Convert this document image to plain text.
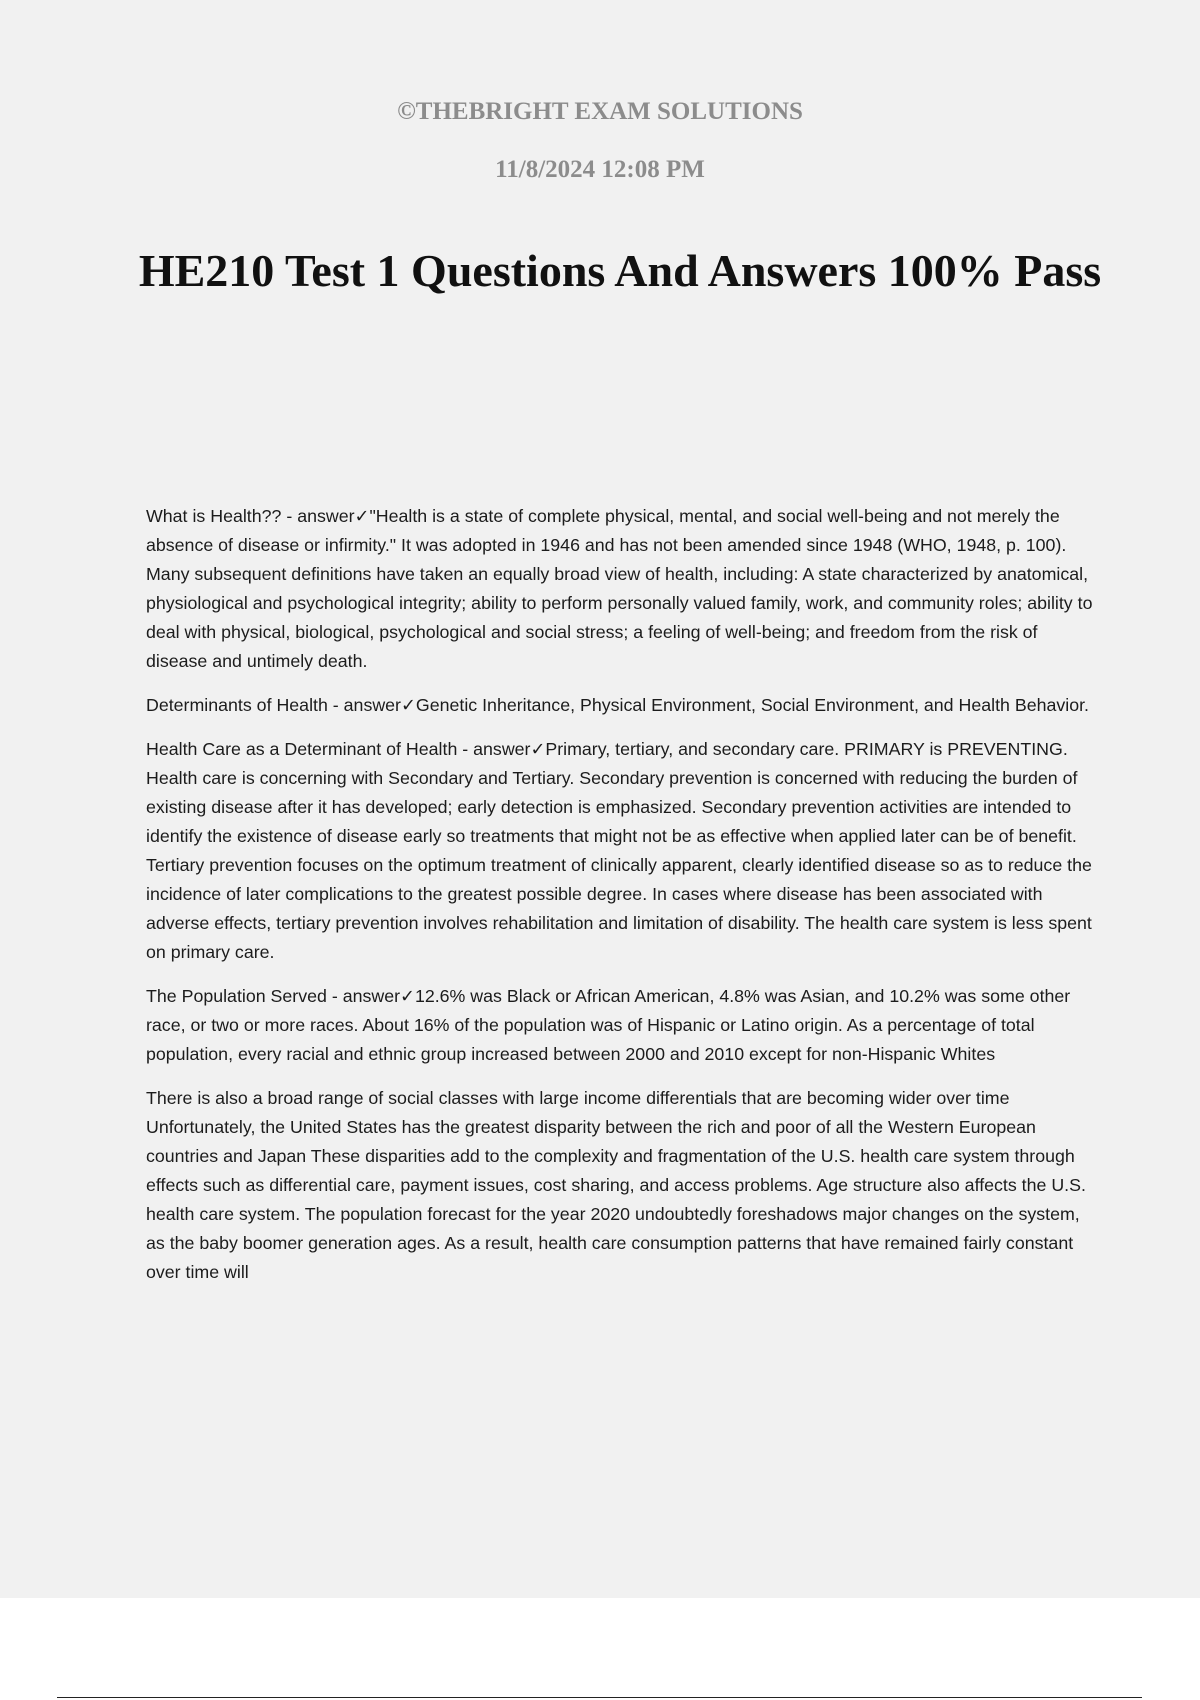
©THEBRIGHT EXAM SOLUTIONS
11/8/2024 12:08 PM
HE210 Test 1 Questions And Answers 100% Pass

What is Health?? - answer✓"Health is a state of complete physical, mental, and social well-being and not merely the absence of disease or infirmity." It was adopted in 1946 and has not been amended since 1948 (WHO, 1948, p. 100). Many subsequent definitions have taken an equally broad view of health, including: A state characterized by anatomical, physiological and psychological integrity; ability to perform personally valued family, work, and community roles; ability to deal with physical, biological, psychological and social stress; a feeling of well-being; and freedom from the risk of disease and untimely death.

Determinants of Health - answer✓Genetic Inheritance, Physical Environment, Social Environment, and Health Behavior.

Health Care as a Determinant of Health - answer✓Primary, tertiary, and secondary care. PRIMARY is PREVENTING. Health care is concerning with Secondary and Tertiary. Secondary prevention is concerned with reducing the burden of existing disease after it has developed; early detection is emphasized. Secondary prevention activities are intended to identify the existence of disease early so treatments that might not be as effective when applied later can be of benefit. Tertiary prevention focuses on the optimum treatment of clinically apparent, clearly identified disease so as to reduce the incidence of later complications to the greatest possible degree. In cases where disease has been associated with adverse effects, tertiary prevention involves rehabilitation and limitation of disability. The health care system is less spent on primary care.

The Population Served - answer✓12.6% was Black or African American, 4.8% was Asian, and 10.2% was some other race, or two or more races. About 16% of the population was of Hispanic or Latino origin. As a percentage of total population, every racial and ethnic group increased between 2000 and 2010 except for non-Hispanic Whites

There is also a broad range of social classes with large income differentials that are becoming wider over time Unfortunately, the United States has the greatest disparity between the rich and poor of all the Western European countries and Japan These disparities add to the complexity and fragmentation of the U.S. health care system through effects such as differential care, payment issues, cost sharing, and access problems. Age structure also affects the U.S. health care system. The population forecast for the year 2020 undoubtedly foreshadows major changes on the system, as the baby boomer generation ages. As a result, health care consumption patterns that have remained fairly constant over time will
